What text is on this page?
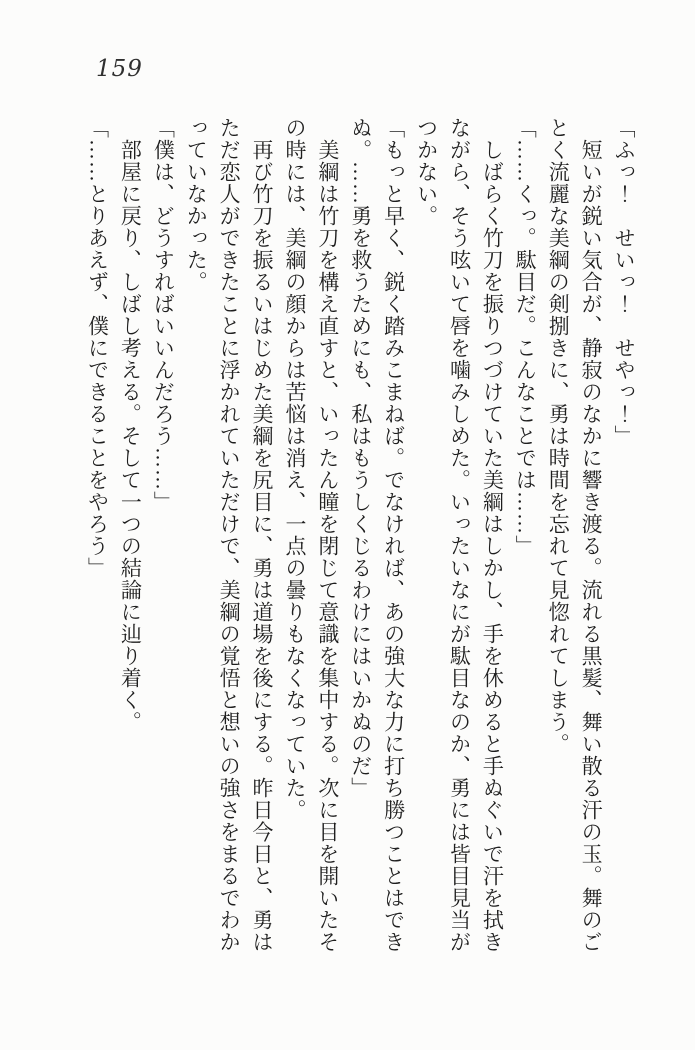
159

「ふっ！　せいっ！　せやっ！」

　短いが鋭い気合が、静寂のなかに響き渡る。流れる黒髪、舞い散る汗の玉。舞のご

とく流麗な美綱の剣捌きに、勇は時間を忘れて見惚れてしまう。

「……くっ。駄目だ。こんなことでは……」

　しばらく竹刀を振りつづけていた美綱はしかし、手を休めると手ぬぐいで汗を拭き

ながら、そう呟いて唇を噛みしめた。いったいなにが駄目なのか、勇には皆目見当が

つかない。

「もっと早く、鋭く踏みこまねば。でなければ、あの強大な力に打ち勝つことはでき

ぬ。……勇を救うためにも、私はもうしくじるわけにはいかぬのだ」

　美綱は竹刀を構え直すと、いったん瞳を閉じて意識を集中する。次に目を開いたそ

の時には、美綱の顔からは苦悩は消え、一点の曇りもなくなっていた。

　再び竹刀を振るいはじめた美綱を尻目に、勇は道場を後にする。昨日今日と、勇は

ただ恋人ができたことに浮かれていただけで、美綱の覚悟と想いの強さをまるでわか

っていなかった。

「僕は、どうすればいいんだろう……」

　部屋に戻り、しばし考える。そして一つの結論に辿り着く。

「……とりあえず、僕にできることをやろう」
